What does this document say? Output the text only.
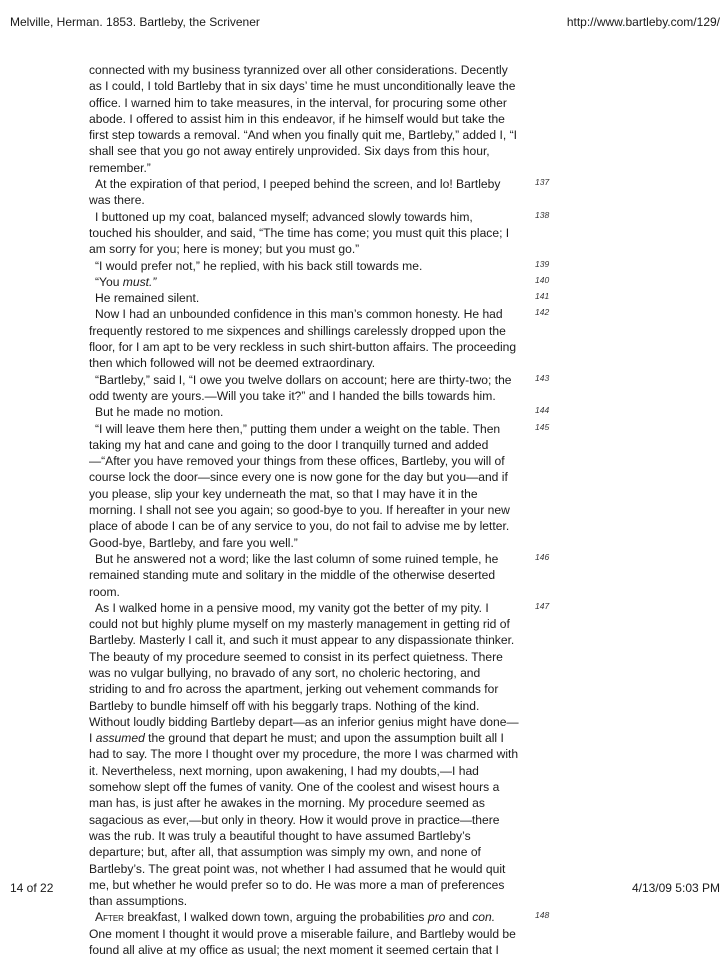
Melville, Herman. 1853. Bartleby, the Scrivener	http://www.bartleby.com/129/

connected with my business tyrannized over all other considerations. Decently as I could, I told Bartleby that in six days’ time he must unconditionally leave the office. I warned him to take measures, in the interval, for procuring some other abode. I offered to assist him in this endeavor, if he himself would but take the first step towards a removal. “And when you finally quit me, Bartleby,” added I, “I shall see that you go not away entirely unprovided. Six days from this hour, remember.”

137
At the expiration of that period, I peeped behind the screen, and lo! Bartleby was there.

138
I buttoned up my coat, balanced myself; advanced slowly towards him, touched his shoulder, and said, “The time has come; you must quit this place; I am sorry for you; here is money; but you must go.”

139
“I would prefer not,” he replied, with his back still towards me.

140
“You must.”

141
He remained silent.

142
Now I had an unbounded confidence in this man’s common honesty. He had frequently restored to me sixpences and shillings carelessly dropped upon the floor, for I am apt to be very reckless in such shirt-button affairs. The proceeding then which followed will not be deemed extraordinary.

143
“Bartleby,” said I, “I owe you twelve dollars on account; here are thirty-two; the odd twenty are yours.—Will you take it?” and I handed the bills towards him.

144
But he made no motion.

145
“I will leave them here then,” putting them under a weight on the table. Then taking my hat and cane and going to the door I tranquilly turned and added—“After you have removed your things from these offices, Bartleby, you will of course lock the door—since every one is now gone for the day but you—and if you please, slip your key underneath the mat, so that I may have it in the morning. I shall not see you again; so good-bye to you. If hereafter in your new place of abode I can be of any service to you, do not fail to advise me by letter. Good-bye, Bartleby, and fare you well.”

146
But he answered not a word; like the last column of some ruined temple, he remained standing mute and solitary in the middle of the otherwise deserted room.

147
As I walked home in a pensive mood, my vanity got the better of my pity. I could not but highly plume myself on my masterly management in getting rid of Bartleby. Masterly I call it, and such it must appear to any dispassionate thinker. The beauty of my procedure seemed to consist in its perfect quietness. There was no vulgar bullying, no bravado of any sort, no choleric hectoring, and striding to and fro across the apartment, jerking out vehement commands for Bartleby to bundle himself off with his beggarly traps. Nothing of the kind. Without loudly bidding Bartleby depart—as an inferior genius might have done—I assumed the ground that depart he must; and upon the assumption built all I had to say. The more I thought over my procedure, the more I was charmed with it. Nevertheless, next morning, upon awakening, I had my doubts,—I had somehow slept off the fumes of vanity. One of the coolest and wisest hours a man has, is just after he awakes in the morning. My procedure seemed as sagacious as ever,—but only in theory. How it would prove in practice—there was the rub. It was truly a beautiful thought to have assumed Bartleby’s departure; but, after all, that assumption was simply my own, and none of Bartleby’s. The great point was, not whether I had assumed that he would quit me, but whether he would prefer so to do. He was more a man of preferences than assumptions.

148
After breakfast, I walked down town, arguing the probabilities pro and con. One moment I thought it would prove a miserable failure, and Bartleby would be found all alive at my office as usual; the next moment it seemed certain that I

14 of 22	4/13/09 5:03 PM
